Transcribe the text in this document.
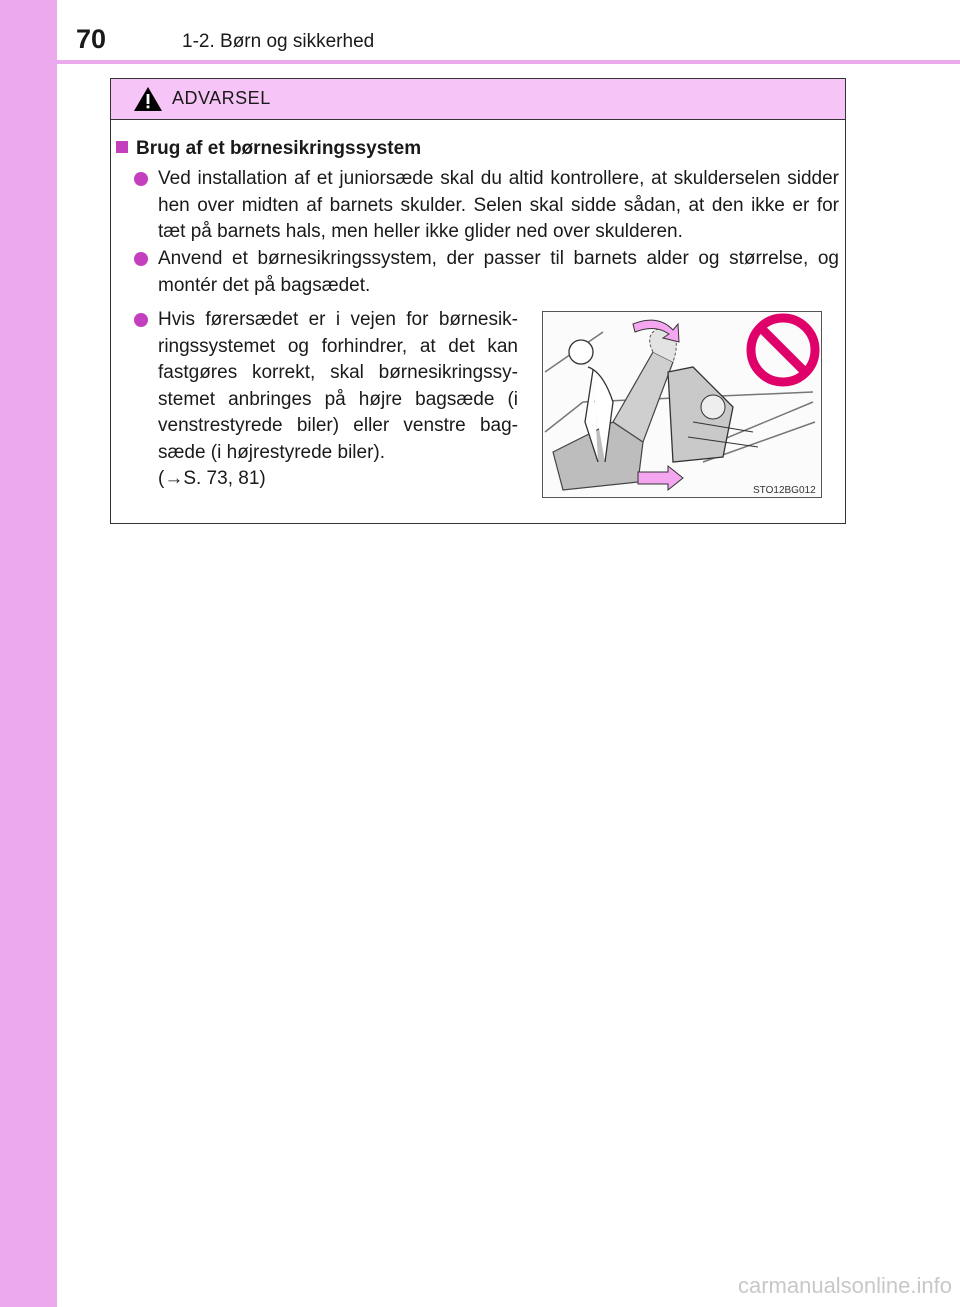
70	1-2. Børn og sikkerhed
ADVARSEL
Brug af et børnesikringssystem
Ved installation af et juniorsæde skal du altid kontrollere, at skulderselen sidder hen over midten af barnets skulder. Selen skal sidde sådan, at den ikke er for tæt på barnets hals, men heller ikke glider ned over skulderen.
Anvend et børnesikringssystem, der passer til barnets alder og størrelse, og montér det på bagsædet.
Hvis førersædet er i vejen for børnesik-ringssystemet og forhindrer, at det kan fastgøres korrekt, skal børnesikringssy-stemet anbringes på højre bagsæde (i venstrestyrede biler) eller venstre bag-sæde (i højrestyrede biler).
(→S. 73, 81)
STO12BG012
carmanualsonline.info
